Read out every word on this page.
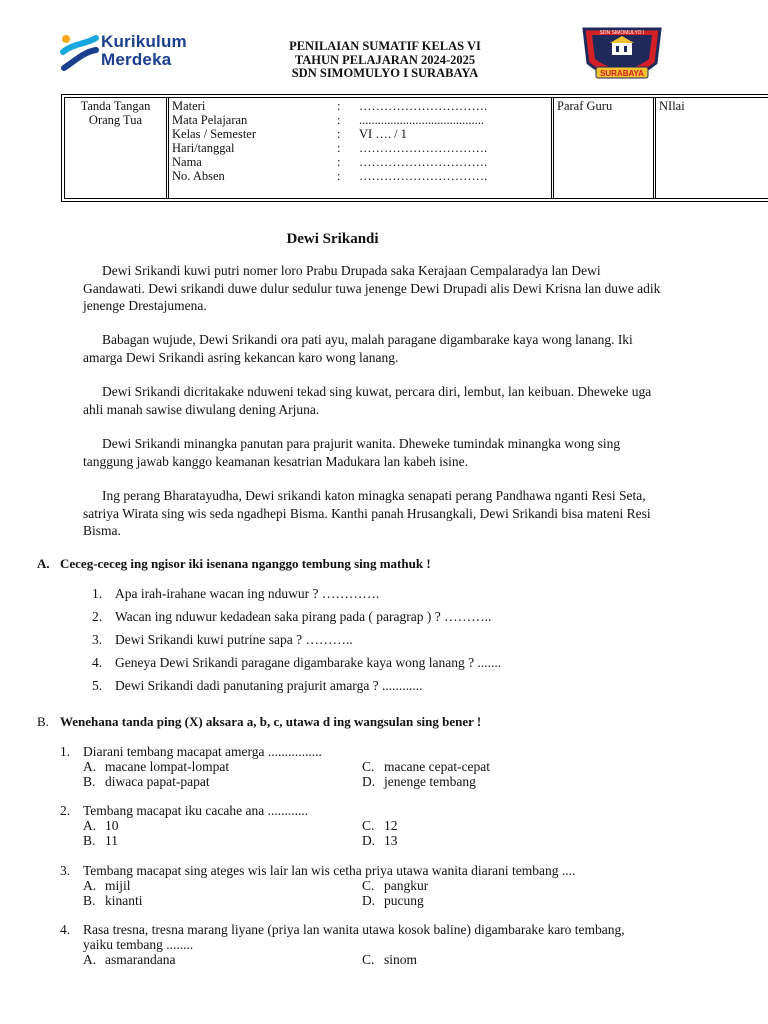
Kurikulum
Merdeka
PENILAIAN SUMATIF KELAS VI
TAHUN PELAJARAN 2024-2025
SDN SIMOMULYO I SURABAYA
SDN SIMOMULYO I
SURABAYA
Tanda Tangan
Orang Tua
Materi	: ………………………….
Mata Pelajaran	: ........................................
Kelas / Semester	: VI …. / 1
Hari/tanggal	: ………………………….
Nama	: ………………………….
No. Absen	: ………………………….
Paraf Guru	NIlai
Dewi Srikandi

Dewi Srikandi kuwi putri nomer loro Prabu Drupada saka Kerajaan Cempalaradya lan Dewi Gandawati. Dewi srikandi duwe dulur sedulur tuwa jenenge Dewi Drupadi alis Dewi Krisna lan duwe adik jenenge Drestajumena.

Babagan wujude, Dewi Srikandi ora pati ayu, malah paragane digambarake kaya wong lanang. Iki amarga Dewi Srikandi asring kekancan karo wong lanang.

Dewi Srikandi dicritakake nduweni tekad sing kuwat, percara diri, lembut, lan keibuan. Dheweke uga ahli manah sawise diwulang dening Arjuna.

Dewi Srikandi minangka panutan para prajurit wanita. Dheweke tumindak minangka wong sing tanggung jawab kanggo keamanan kesatrian Madukara lan kabeh isine.

Ing perang Bharatayudha, Dewi srikandi katon minagka senapati perang Pandhawa nganti Resi Seta, satriya Wirata sing wis seda ngadhepi Bisma. Kanthi panah Hrusangkali, Dewi Srikandi bisa mateni Resi Bisma.

A. Ceceg-ceceg ing ngisor iki isenana nganggo tembung sing mathuk !
1. Apa irah-irahane wacan ing nduwur ? ………….
2. Wacan ing nduwur kedadean saka pirang pada ( paragrap ) ? ………..
3. Dewi Srikandi kuwi putrine sapa ? ………..
4. Geneya Dewi Srikandi paragane digambarake kaya wong lanang ? .......
5. Dewi Srikandi dadi panutaning prajurit amarga ? ............
B. Wenehana tanda ping (X) aksara a, b, c, utawa d ing wangsulan sing bener !
1. Diarani tembang macapat amerga ................
A. macane lompat-lompat	C. macane cepat-cepat
B. diwaca papat-papat	D. jenenge tembang
2. Tembang macapat iku cacahe ana ............
A. 10	C. 12
B. 11	D. 13
3. Tembang macapat sing ateges wis lair lan wis cetha priya utawa wanita diarani tembang ....
A. mijil	C. pangkur
B. kinanti	D. pucung
4. Rasa tresna, tresna marang liyane (priya lan wanita utawa kosok baline) digambarake karo tembang,
yaiku tembang ........
A. asmarandana	C. sinom
